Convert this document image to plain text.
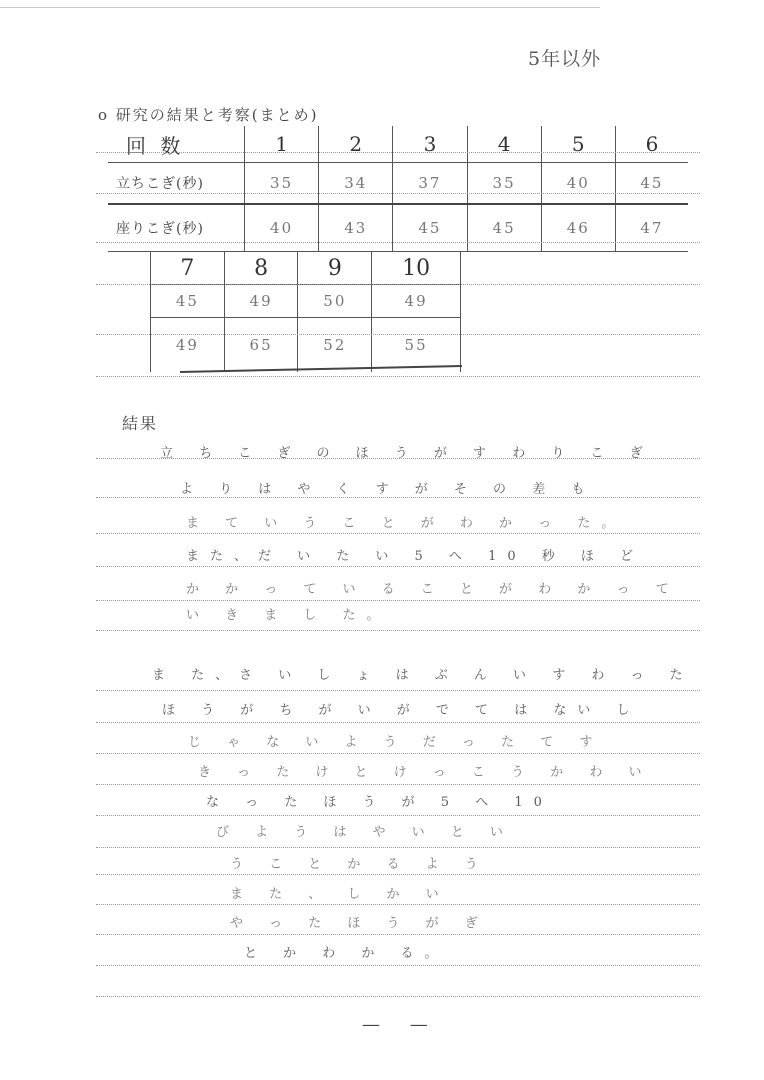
5年以外
o 研究の結果と考察(まとめ)
回 数	1	2	3	4	5	6
立ちこぎ(秒)	35	34	37	35	40	45
座りこぎ(秒)	40	43	45	45	46	47
7	8	9	10
45	49	50	49
49	65	52	55
結果
立 ち こ ぎ の ほ う が す わ り こ ぎ
よ り は や く す が そ の 差 も
ま て い う こ と が わ か っ た。
また、だ い た い 5 へ 10 秒 ほ ど
か か っ て い る こ と が わ か っ て
い き ま し た。
ま た、さ い し ょ は ぶ ん い す わ っ た
ほ う が ち が い が で て は ない し
じ ゃ な い よ う だ っ た て す
き っ た け と け っ こ う か わ い
な っ た ほ う が 5 へ 10
び よ う は や い と い
う こ と か る よ う
ま た 、 し か い
や っ た ほ う が ぎ
と か わ か る。
— —
